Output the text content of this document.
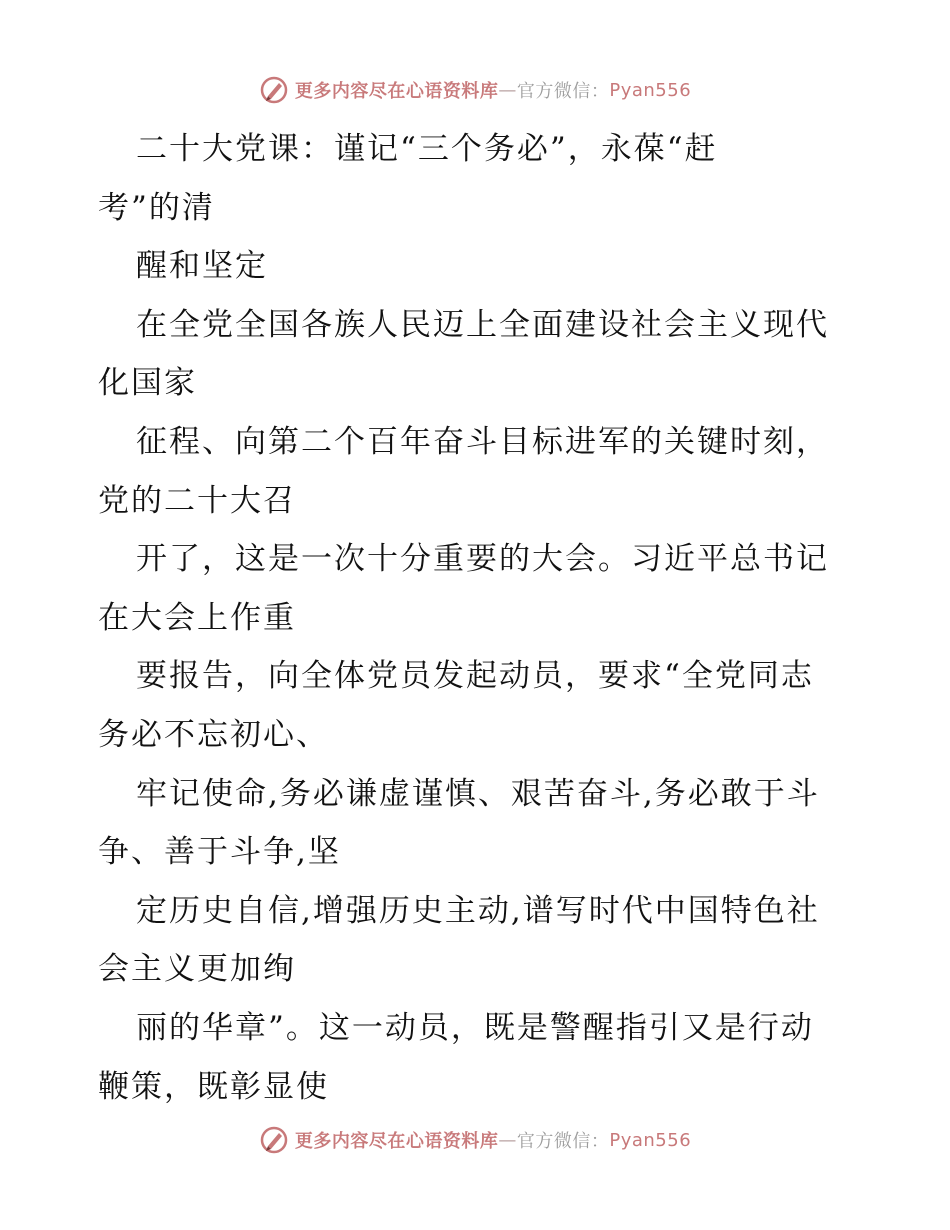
更多内容尽在心语资料库 — 官方微信： Pyan556
二十大党课：谨记“三个务必”，永葆“赶
考”的清
醒和坚定
在全党全国各族人民迈上全面建设社会主义现代
化国家
征程、向第二个百年奋斗目标进军的关键时刻，
党的二十大召
开了，这是一次十分重要的大会。习近平总书记
在大会上作重
要报告，向全体党员发起动员，要求“全党同志
务必不忘初心、
牢记使命,务必谦虚谨慎、艰苦奋斗,务必敢于斗
争、善于斗争,坚
定历史自信,增强历史主动,谱写时代中国特色社
会主义更加绚
丽的华章”。这一动员，既是警醒指引又是行动
鞭策，既彰显使
更多内容尽在心语资料库 — 官方微信： Pyan556
